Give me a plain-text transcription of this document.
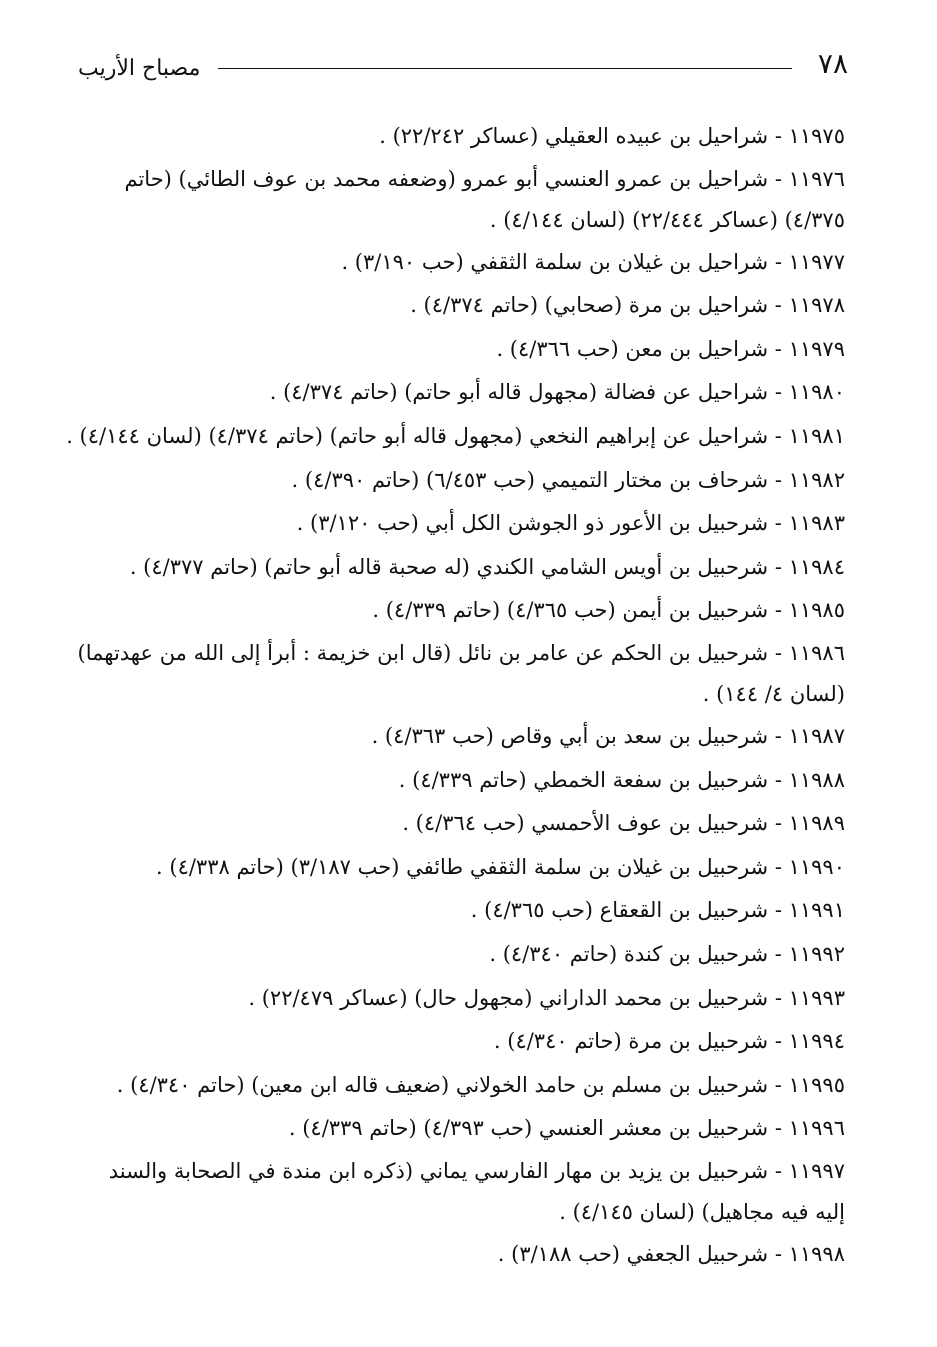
٧٨
مصباح الأريب
١١٩٧٥ - شراحيل بن عبيده العقيلي (عساكر ٢٢/٢٤٢) .
١١٩٧٦ - شراحيل بن عمرو العنسي أبو عمرو (وضعفه محمد بن عوف الطائي) (حاتم ٤/٣٧٥) (عساكر ٢٢/٤٤٤) (لسان ٤/١٤٤) .
١١٩٧٧ - شراحيل بن غيلان بن سلمة الثقفي (حب ٣/١٩٠) .
١١٩٧٨ - شراحيل بن مرة (صحابي) (حاتم ٤/٣٧٤) .
١١٩٧٩ - شراحيل بن معن (حب ٤/٣٦٦) .
١١٩٨٠ - شراحيل عن فضالة (مجهول قاله أبو حاتم) (حاتم ٤/٣٧٤) .
١١٩٨١ - شراحيل عن إبراهيم النخعي (مجهول قاله أبو حاتم) (حاتم ٤/٣٧٤) (لسان ٤/١٤٤) .
١١٩٨٢ - شرحاف بن مختار التميمي (حب ٦/٤٥٣) (حاتم ٤/٣٩٠) .
١١٩٨٣ - شرحبيل بن الأعور ذو الجوشن الكل أبي (حب ٣/١٢٠) .
١١٩٨٤ - شرحبيل بن أويس الشامي الكندي (له صحبة قاله أبو حاتم) (حاتم ٤/٣٧٧) .
١١٩٨٥ - شرحبيل بن أيمن (حب ٤/٣٦٥) (حاتم ٤/٣٣٩) .
١١٩٨٦ - شرحبيل بن الحكم عن عامر بن نائل (قال ابن خزيمة : أبرأ إلى الله من عهدتهما) (لسان ٤/ ١٤٤) .
١١٩٨٧ - شرحبيل بن سعد بن أبي وقاص (حب ٤/٣٦٣) .
١١٩٨٨ - شرحبيل بن سفعة الخمطي (حاتم ٤/٣٣٩) .
١١٩٨٩ - شرحبيل بن عوف الأحمسي (حب ٤/٣٦٤) .
١١٩٩٠ - شرحبيل بن غيلان بن سلمة الثقفي طائفي (حب ٣/١٨٧) (حاتم ٤/٣٣٨) .
١١٩٩١ - شرحبيل بن القعقاع (حب ٤/٣٦٥) .
١١٩٩٢ - شرحبيل بن كندة (حاتم ٤/٣٤٠) .
١١٩٩٣ - شرحبيل بن محمد الداراني (مجهول حال) (عساكر ٢٢/٤٧٩) .
١١٩٩٤ - شرحبيل بن مرة (حاتم ٤/٣٤٠) .
١١٩٩٥ - شرحبيل بن مسلم بن حامد الخولاني (ضعيف قاله ابن معين) (حاتم ٤/٣٤٠) .
١١٩٩٦ - شرحبيل بن معشر العنسي (حب ٤/٣٩٣) (حاتم ٤/٣٣٩) .
١١٩٩٧ - شرحبيل بن يزيد بن مهار الفارسي يماني (ذكره ابن مندة في الصحابة والسند إليه فيه مجاهيل) (لسان ٤/١٤٥) .
١١٩٩٨ - شرحبيل الجعفي (حب ٣/١٨٨) .
